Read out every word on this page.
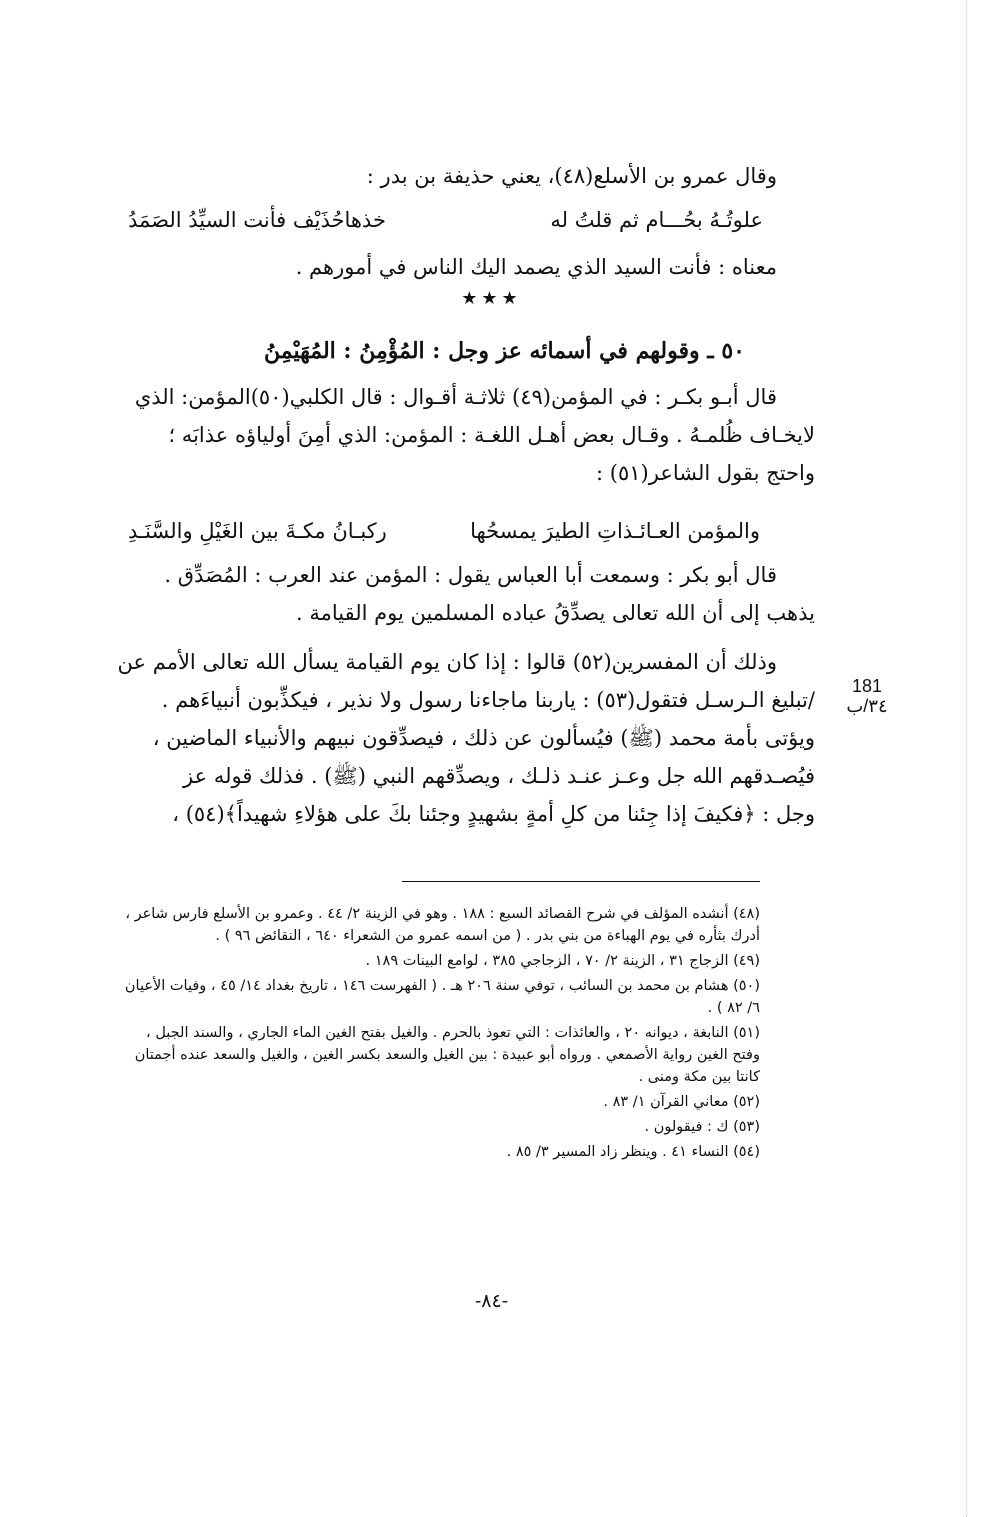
وقال عمرو بن الأسلع(٤٨)، يعني حذيفة بن بدر :
علوتُـهُ بحُـــام ثم قلتُ له
خذهاحُذَيْف فأنت السيِّدُ الصَمَدُ
معناه : فأنت السيد الذي يصمد اليك الناس في أمورهم .
★★★
٥٠ ـ وقولهم في أسمائه عز وجل : المُؤْمِنُ : المُهَيْمِنُ
قال أبـو بكـر : في المؤمن(٤٩) ثلاثـة أقـوال : قال الكلبي(٥٠)المؤمن: الذي
لايخـاف ظُلمـهُ . وقـال بعض أهـل اللغـة : المؤمن: الذي أمِنَ أولياؤه عذابَه ؛
واحتج بقول الشاعر(٥١) :
والمؤمن العـائـذاتِ الطيرَ يمسحُها
ركبـانُ مكـةَ بين الغَيْلِ والسَّنَـدِ
قال أبو بكر : وسمعت أبا العباس يقول : المؤمن عند العرب : المُصَدِّق .
يذهب إلى أن الله تعالى يصدِّقُ عباده المسلمين يوم القيامة .
وذلك أن المفسرين(٥٢) قالوا : إذا كان يوم القيامة يسأل الله تعالى الأمم عن
/تبليغ الـرسـل فتقول(٥٣) : ياربنا ماجاءنا رسول ولا نذير ، فيكذِّبون أنبياءَهم .
ويؤتى بأمة محمد (ﷺ) فيُسألون عن ذلك ، فيصدِّقون نبيهم والأنبياء الماضين ،
فيُصـدقهم الله جل وعـز عنـد ذلـك ، ويصدِّقهم النبي (ﷺ) . فذلك قوله عز
وجل : ﴿فكيفَ إذا جِئنا من كلِ أمةٍ بشهيدٍ وجئنا بكَ على هؤلاءِ شهيداً﴾(٥٤) ،
181
٣٤/ب
(٤٨) أنشده المؤلف في شرح القصائد السبع : ١٨٨ . وهو في الزينة ٢/ ٤٤ . وعمرو بن الأسلع فارس شاعر ،
أدرك بثأره في يوم الهباءة من بني بدر . ( من اسمه عمرو من الشعراء ٦٤٠ ، النقائض ٩٦ ) .
(٤٩) الزجاج ٣١ ، الزينة ٢/ ٧٠ ، الزجاجي ٣٨٥ ، لوامع البينات ١٨٩ .
(٥٠) هشام بن محمد بن السائب ، توفي سنة ٢٠٦ هـ . ( الفهرست ١٤٦ ، تاريخ بغداد ١٤/ ٤٥ ، وفيات الأعيان
٦/ ٨٢ ) .
(٥١) النابغة ، ديوانه ٢٠ ، والعائذات : التي تعوذ بالحرم . والغيل بفتح الغين الماء الجاري ، والسند الجبل ،
وفتح الغين رواية الأصمعي . ورواه أبو عبيدة : بين الغيل والسعد بكسر الغين ، والغيل والسعد عنده أجمتان
كانتا بين مكة ومنى .
(٥٢) معاني القرآن ١/ ٨٣ .
(٥٣) ك : فيقولون .
(٥٤) النساء ٤١ . وينظر زاد المسير ٣/ ٨٥ .
-٨٤-
